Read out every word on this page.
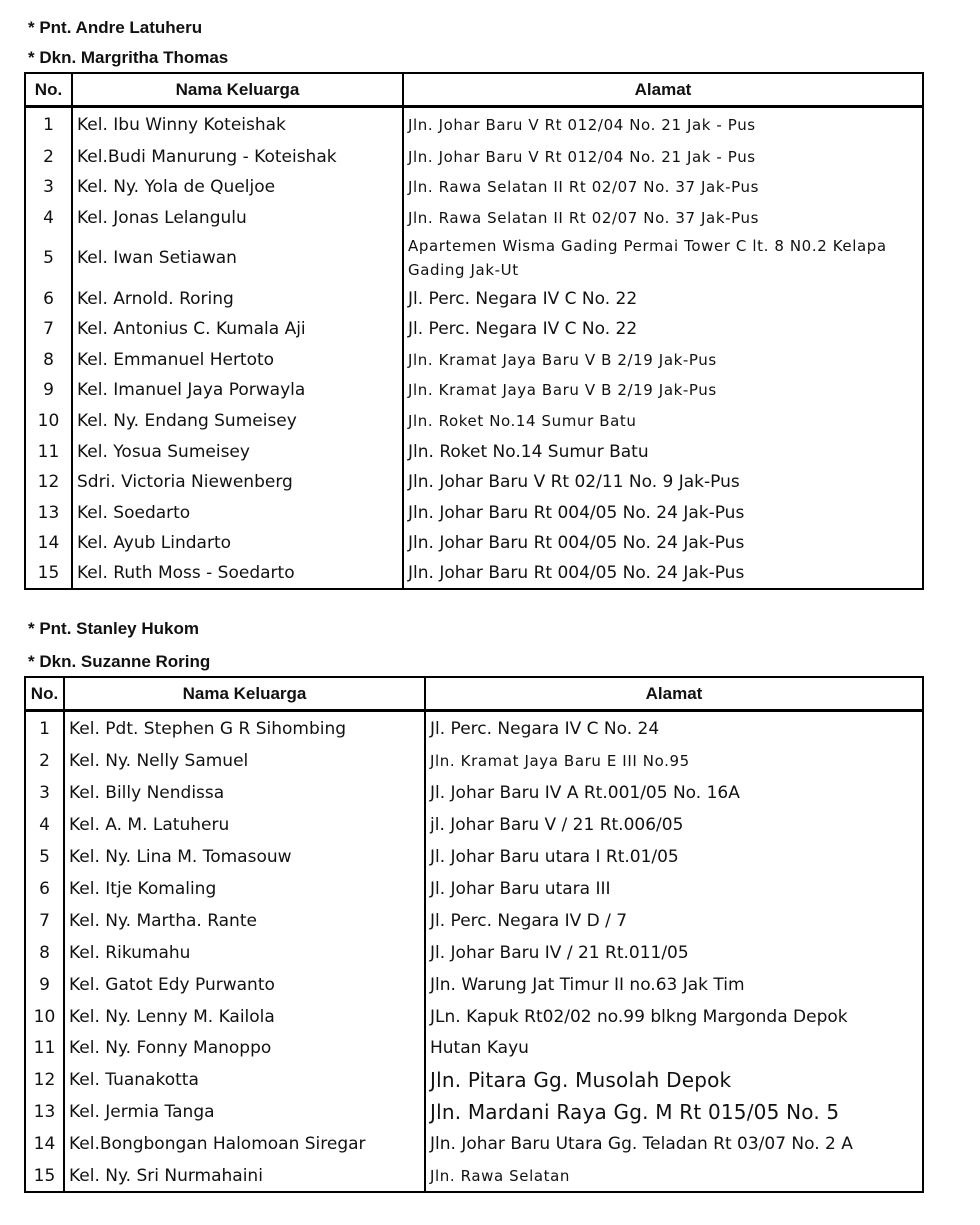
* Pnt. Andre Latuheru
* Dkn. Margritha Thomas
No.	Nama Keluarga	Alamat
1	Kel. Ibu Winny Koteishak	Jln. Johar Baru V Rt 012/04 No. 21 Jak - Pus
2	Kel.Budi Manurung - Koteishak	Jln. Johar Baru V Rt 012/04 No. 21 Jak - Pus
3	Kel. Ny. Yola de Queljoe	Jln. Rawa Selatan II Rt 02/07 No. 37 Jak-Pus
4	Kel. Jonas Lelangulu	Jln. Rawa Selatan II Rt 02/07 No. 37 Jak-Pus
5	Kel. Iwan Setiawan	Apartemen Wisma Gading Permai Tower C lt. 8 N0.2 Kelapa Gading Jak-Ut
6	Kel. Arnold. Roring	Jl. Perc. Negara IV C No. 22
7	Kel. Antonius C. Kumala Aji	Jl. Perc. Negara IV C No. 22
8	Kel. Emmanuel Hertoto	Jln. Kramat Jaya Baru V B 2/19 Jak-Pus
9	Kel. Imanuel Jaya Porwayla	Jln. Kramat Jaya Baru V B 2/19 Jak-Pus
10	Kel. Ny. Endang Sumeisey	Jln. Roket No.14 Sumur Batu
11	Kel. Yosua Sumeisey	Jln. Roket No.14 Sumur Batu
12	Sdri. Victoria Niewenberg	Jln. Johar Baru V Rt 02/11 No. 9 Jak-Pus
13	Kel. Soedarto	Jln. Johar Baru Rt 004/05 No. 24 Jak-Pus
14	Kel. Ayub Lindarto	Jln. Johar Baru Rt 004/05 No. 24 Jak-Pus
15	Kel. Ruth Moss - Soedarto	Jln. Johar Baru Rt 004/05 No. 24 Jak-Pus
* Pnt. Stanley Hukom
* Dkn. Suzanne Roring
No.	Nama Keluarga	Alamat
1	Kel. Pdt. Stephen G R Sihombing	Jl. Perc. Negara IV C No. 24
2	Kel. Ny. Nelly Samuel	Jln. Kramat Jaya Baru E III No.95
3	Kel. Billy Nendissa	Jl. Johar Baru IV A Rt.001/05 No. 16A
4	Kel. A. M. Latuheru	jl. Johar Baru V / 21 Rt.006/05
5	Kel. Ny. Lina M. Tomasouw	Jl. Johar Baru utara I Rt.01/05
6	Kel. Itje Komaling	Jl. Johar Baru utara III
7	Kel. Ny. Martha. Rante	Jl. Perc. Negara IV D / 7
8	Kel. Rikumahu	Jl. Johar Baru IV / 21 Rt.011/05
9	Kel. Gatot Edy Purwanto	Jln. Warung Jat Timur II no.63 Jak Tim
10	Kel. Ny. Lenny M. Kailola	JLn. Kapuk Rt02/02 no.99 blkng Margonda Depok
11	Kel. Ny. Fonny Manoppo	Hutan Kayu
12	Kel. Tuanakotta	Jln. Pitara Gg. Musolah Depok
13	Kel. Jermia Tanga	Jln. Mardani Raya Gg. M Rt 015/05 No. 5
14	Kel.Bongbongan Halomoan Siregar	Jln. Johar Baru Utara Gg. Teladan Rt 03/07 No. 2 A
15	Kel. Ny. Sri Nurmahaini	Jln. Rawa Selatan
